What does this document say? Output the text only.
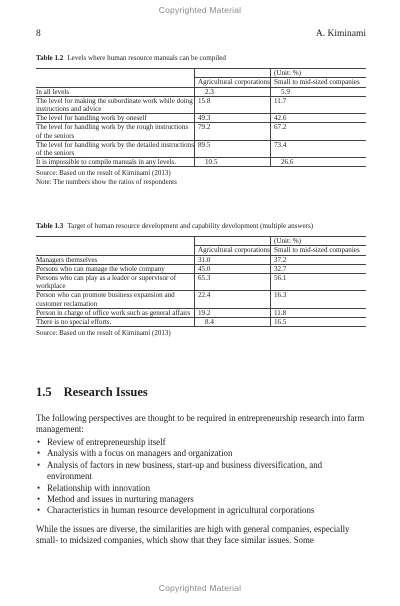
Copyrighted Material
8	A. Kiminami
Table 1.2 Levels where human resource manuals can be compiled
		(Unit: %)
	Agricultural corporations	Small to mid-sized companies
In all levels	2.3	5.9
The level for making the subordinate work while doing instructions and advice	15.8	11.7
The level for handling work by oneself	49.3	42.6
The level for handling work by the rough instructions of the seniors	79.2	67.2
The level for handling work by the detailed instructions of the seniors	89.5	73.4
It is impossible to compile manuals in any levels.	10.5	26.6
Source: Based on the result of Kiminami (2013)
Note: The numbers show the ratios of respondents
Table 1.3 Target of human resource development and capability development (multiple answers)
		(Unit: %)
	Agricultural corporations	Small to mid-sized companies
Managers themselves	31.0	37.2
Persons who can manage the whole company	45.0	32.7
Persons who can play as a leader or supervisor of workplace	65.3	56.1
Person who can promote business expansion and customer reclamation	22.4	16.3
Person in charge of office work such as general affairs	19.2	11.8
There is no special efforts.	8.4	16.5
Source: Based on the result of Kiminami (2013)
1.5 Research Issues
The following perspectives are thought to be required in entrepreneurship research into farm management:
• Review of entrepreneurship itself
• Analysis with a focus on managers and organization
• Analysis of factors in new business, start-up and business diversification, and environment
• Relationship with innovation
• Method and issues in nurturing managers
• Characteristics in human resource development in agricultural corporations
While the issues are diverse, the similarities are high with general companies, especially small- to midsized companies, which show that they face similar issues. Some
Copyrighted Material
